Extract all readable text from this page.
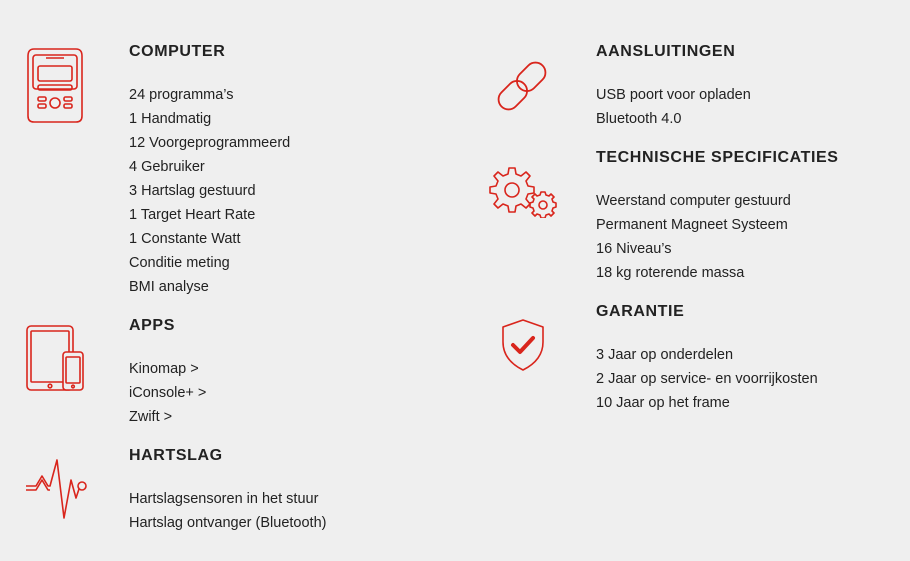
COMPUTER
24 programma’s
1 Handmatig
12 Voorgeprogrammeerd
4 Gebruiker
3 Hartslag gestuurd
1 Target Heart Rate
1 Constante Watt
Conditie meting
BMI analyse
APPS
Kinomap >
iConsole+ >
Zwift >
HARTSLAG
Hartslagsensoren in het stuur
Hartslag ontvanger (Bluetooth)
AANSLUITINGEN
USB poort voor opladen
Bluetooth 4.0
TECHNISCHE SPECIFICATIES
Weerstand computer gestuurd
Permanent Magneet Systeem
16 Niveau’s
18 kg roterende massa
GARANTIE
3 Jaar op onderdelen
2 Jaar op service- en voorrijkosten
10 Jaar op het frame
